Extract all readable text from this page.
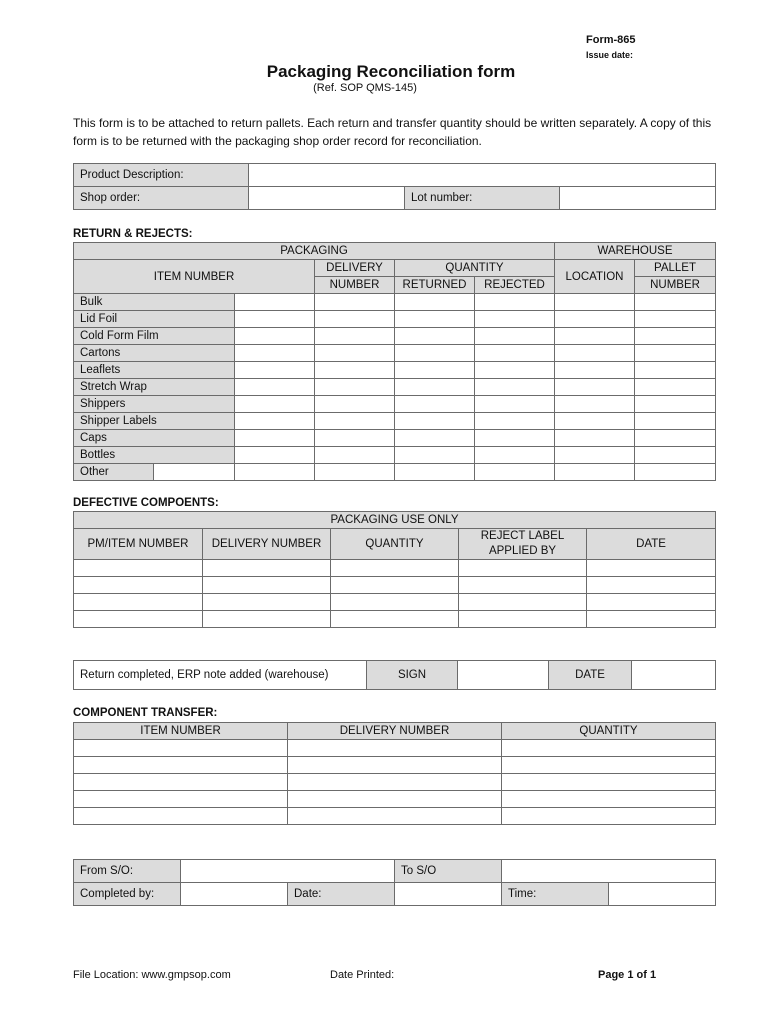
Form-865
Issue date:
Packaging Reconciliation form
(Ref. SOP QMS-145)
This form is to be attached to return pallets. Each return and transfer quantity should be written separately. A copy of this form is to be returned with the packaging shop order record for reconciliation.
Product Description:			
Shop order:		Lot number:	
RETURN & REJECTS:
PACKAGING						WAREHOUSE	
ITEM NUMBER			DELIVERY	QUANTITY		LOCATION	PALLET
			NUMBER	RETURNED	REJECTED		NUMBER
Bulk							
Lid Foil							
Cold Form Film							
Cartons							
Leaflets							
Stretch Wrap							
Shippers							
Shipper Labels							
Caps							
Bottles							
Other							
DEFECTIVE COMPOENTS:
PACKAGING USE ONLY				
PM/ITEM NUMBER	DELIVERY NUMBER	QUANTITY	REJECT LABEL
APPLIED BY	DATE

Return completed, ERP note added (warehouse)	SIGN		DATE	
COMPONENT TRANSFER:
ITEM NUMBER	DELIVERY NUMBER	QUANTITY

From S/O:			To S/O		
Completed by:		Date:		Time:	
File Location: www.gmpsop.com	Date Printed:	Page 1 of 1
